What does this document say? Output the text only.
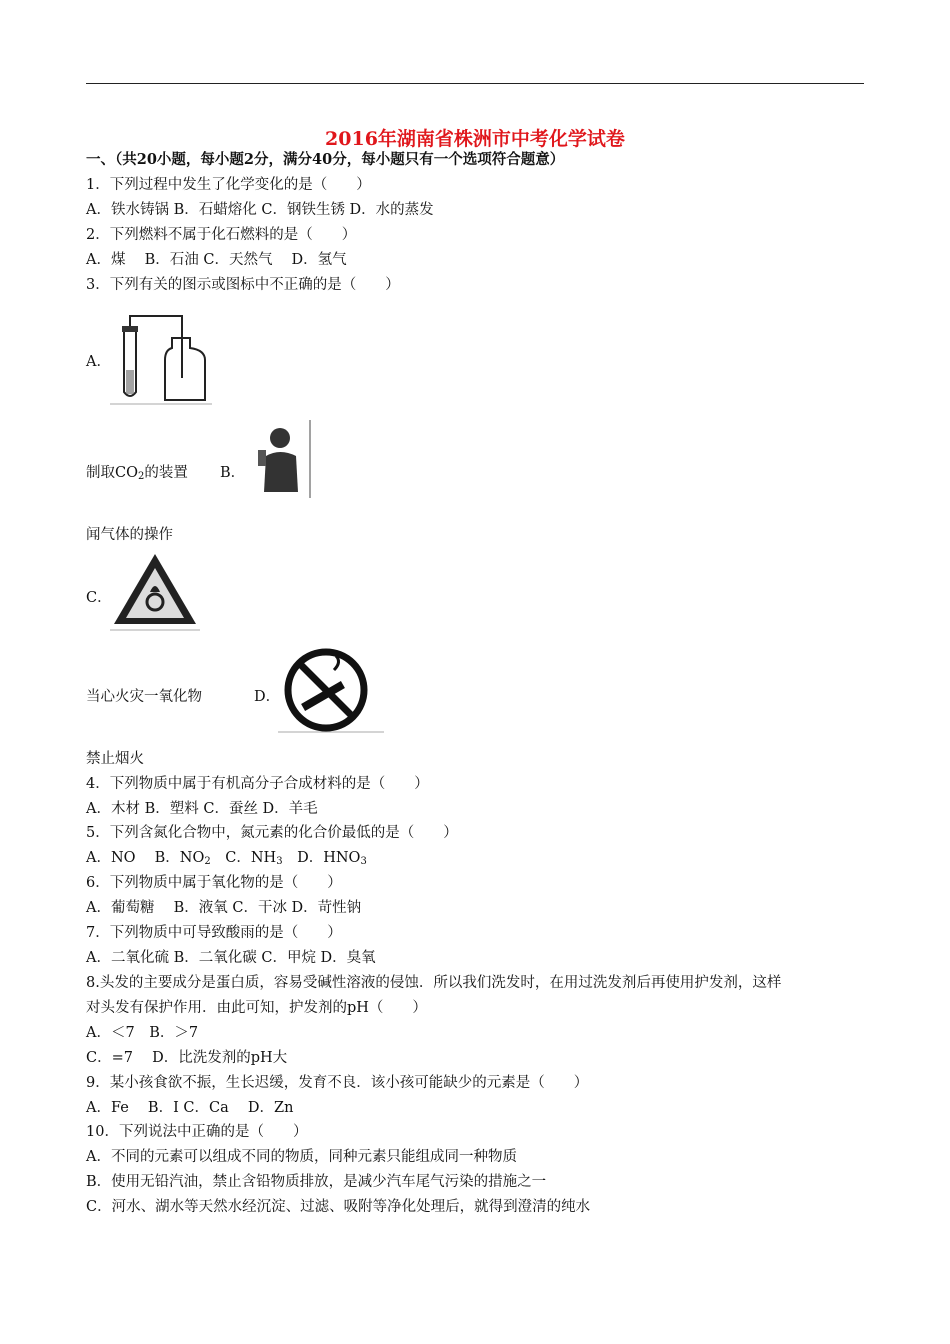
2016年湖南省株洲市中考化学试卷
一、（共20小题，每小题2分，满分40分，每小题只有一个选项符合题意）
1．下列过程中发生了化学变化的是（　　）
A．铁水铸锅 B．石蜡熔化 C．钢铁生锈 D．水的蒸发
2．下列燃料不属于化石燃料的是（　　）
A．煤　 B．石油 C．天然气　 D．氢气
3．下列有关的图示或图标中不正确的是（　　）
A．
制取$CO_2$的装置 B．
闻气体的操作
C．
当心火灾一氧化物	D．
禁止烟火
4．下列物质中属于有机高分子合成材料的是（　　）
A．木材 B．塑料 C．蚕丝 D．羊毛
5．下列含氮化合物中，氮元素的化合价最低的是（　　）
A．NO　 B．$NO_2$　C．$NH_3$　D．$HNO_3$
6．下列物质中属于氧化物的是（　　）
A．葡萄糖　 B．液氧 C．干冰 D．苛性钠
7．下列物质中可导致酸雨的是（　　）
A．二氧化硫 B．二氧化碳 C．甲烷 D．臭氧
8.头发的主要成分是蛋白质，容易受碱性溶液的侵蚀．所以我们洗发时，在用过洗发剂后再使用护发剂，这样
对头发有保护作用．由此可知，护发剂的pH（　　）
A．＜7　B．＞7
C．=7　 D．比洗发剂的pH大
9．某小孩食欲不振，生长迟缓，发育不良．该小孩可能缺少的元素是（　　）
A．Fe　 B．I C．Ca　 D．Zn
10．下列说法中正确的是（　　）
A．不同的元素可以组成不同的物质，同种元素只能组成同一种物质
B．使用无铅汽油，禁止含铅物质排放，是减少汽车尾气污染的措施之一
C．河水、湖水等天然水经沉淀、过滤、吸附等净化处理后，就得到澄清的纯水
